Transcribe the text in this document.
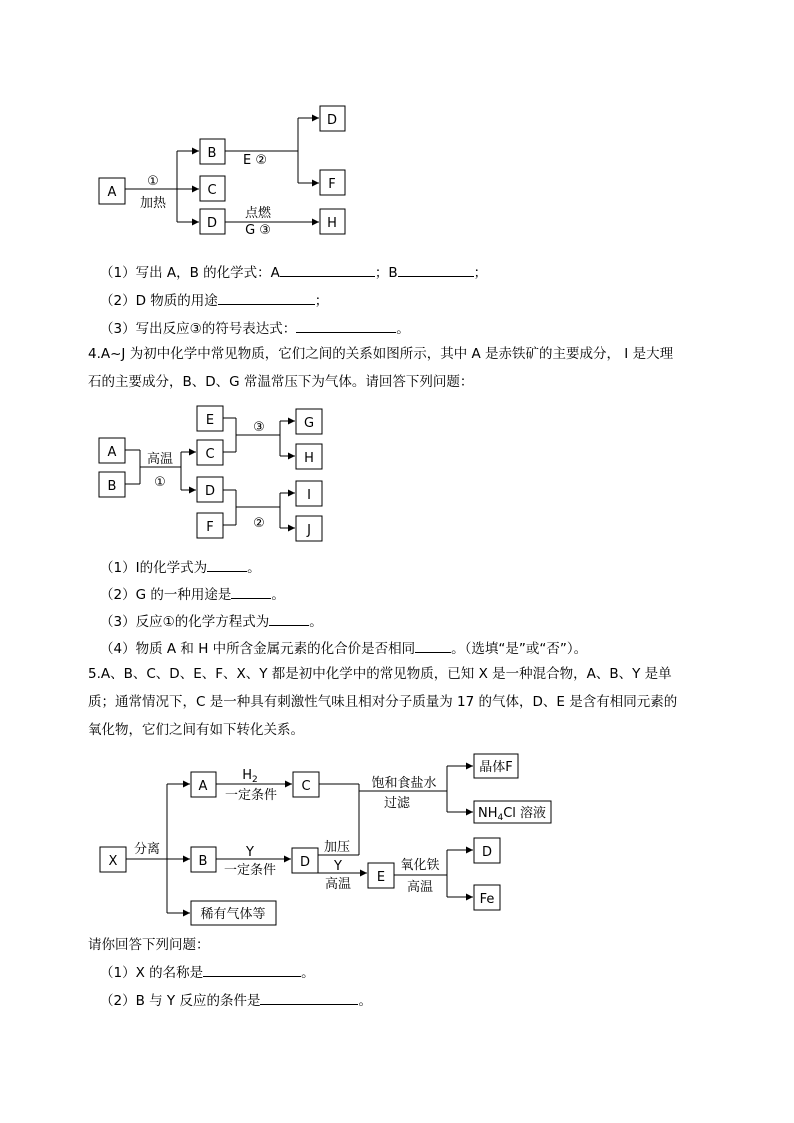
A
B
C
D
D
F
H
①
加热
E ②
点燃
G ③
A
B
E
C
D
F
G
H
I
J
高温
①
③
②
X
A
B
稀有气体等
C
D
E
晶体F
$NH_4Cl$ 溶液
D
Fe
分离
$H_2$
一定条件
Y
一定条件
饱和食盐水
过滤
加压
Y
高温
氧化铁
高温
（1）写出 A，B 的化学式：A	；B	；
（2）D 物质的用途	；
（3）写出反应③的符号表达式：	。
4.A~J 为初中化学中常见物质，它们之间的关系如图所示，其中 A 是赤铁矿的主要成分， I 是大理
石的主要成分，B、D、G 常温常压下为气体。请回答下列问题：
（1）I的化学式为	。
（2）G 的一种用途是	。
（3）反应①的化学方程式为	。
（4）物质 A 和 H 中所含金属元素的化合价是否相同	。（选填“是”或“否”）。
5.A、B、C、D、E、F、X、Y 都是初中化学中的常见物质，已知 X 是一种混合物，A、B、Y 是单
质；通常情况下，C 是一种具有刺激性气味且相对分子质量为 17 的气体，D、E 是含有相同元素的
氧化物，它们之间有如下转化关系。
请你回答下列问题：
（1）X 的名称是	。
（2）B 与 Y 反应的条件是	。
